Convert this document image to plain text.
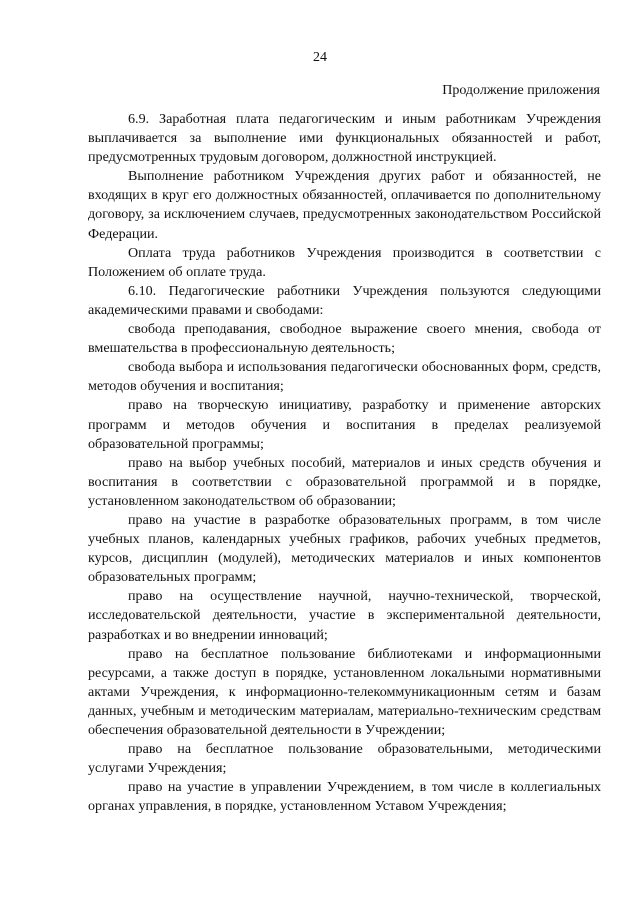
24
Продолжение приложения

6.9. Заработная плата педагогическим и иным работникам Учреждения выплачивается за выполнение ими функциональных обязанностей и работ, предусмотренных трудовым договором, должностной инструкцией.

Выполнение работником Учреждения других работ и обязанностей, не входящих в круг его должностных обязанностей, оплачивается по дополнительному договору, за исключением случаев, предусмотренных законодательством Российской Федерации.

Оплата труда работников Учреждения производится в соответствии с Положением об оплате труда.

6.10. Педагогические работники Учреждения пользуются следующими академическими правами и свободами:

свобода преподавания, свободное выражение своего мнения, свобода от вмешательства в профессиональную деятельность;

свобода выбора и использования педагогически обоснованных форм, средств, методов обучения и воспитания;

право на творческую инициативу, разработку и применение авторских программ и методов обучения и воспитания в пределах реализуемой образовательной программы;

право на выбор учебных пособий, материалов и иных средств обучения и воспитания в соответствии с образовательной программой и в порядке, установленном законодательством об образовании;

право на участие в разработке образовательных программ, в том числе учебных планов, календарных учебных графиков, рабочих учебных предметов, курсов, дисциплин (модулей), методических материалов и иных компонентов образовательных программ;

право на осуществление научной, научно-технической, творческой, исследовательской деятельности, участие в экспериментальной деятельности, разработках и во внедрении инноваций;

право на бесплатное пользование библиотеками и информационными ресурсами, а также доступ в порядке, установленном локальными нормативными актами Учреждения, к информационно-телекоммуникационным сетям и базам данных, учебным и методическим материалам, материально-техническим средствам обеспечения образовательной деятельности в Учреждении;

право на бесплатное пользование образовательными, методическими услугами Учреждения;

право на участие в управлении Учреждением, в том числе в коллегиальных органах управления, в порядке, установленном Уставом Учреждения;
